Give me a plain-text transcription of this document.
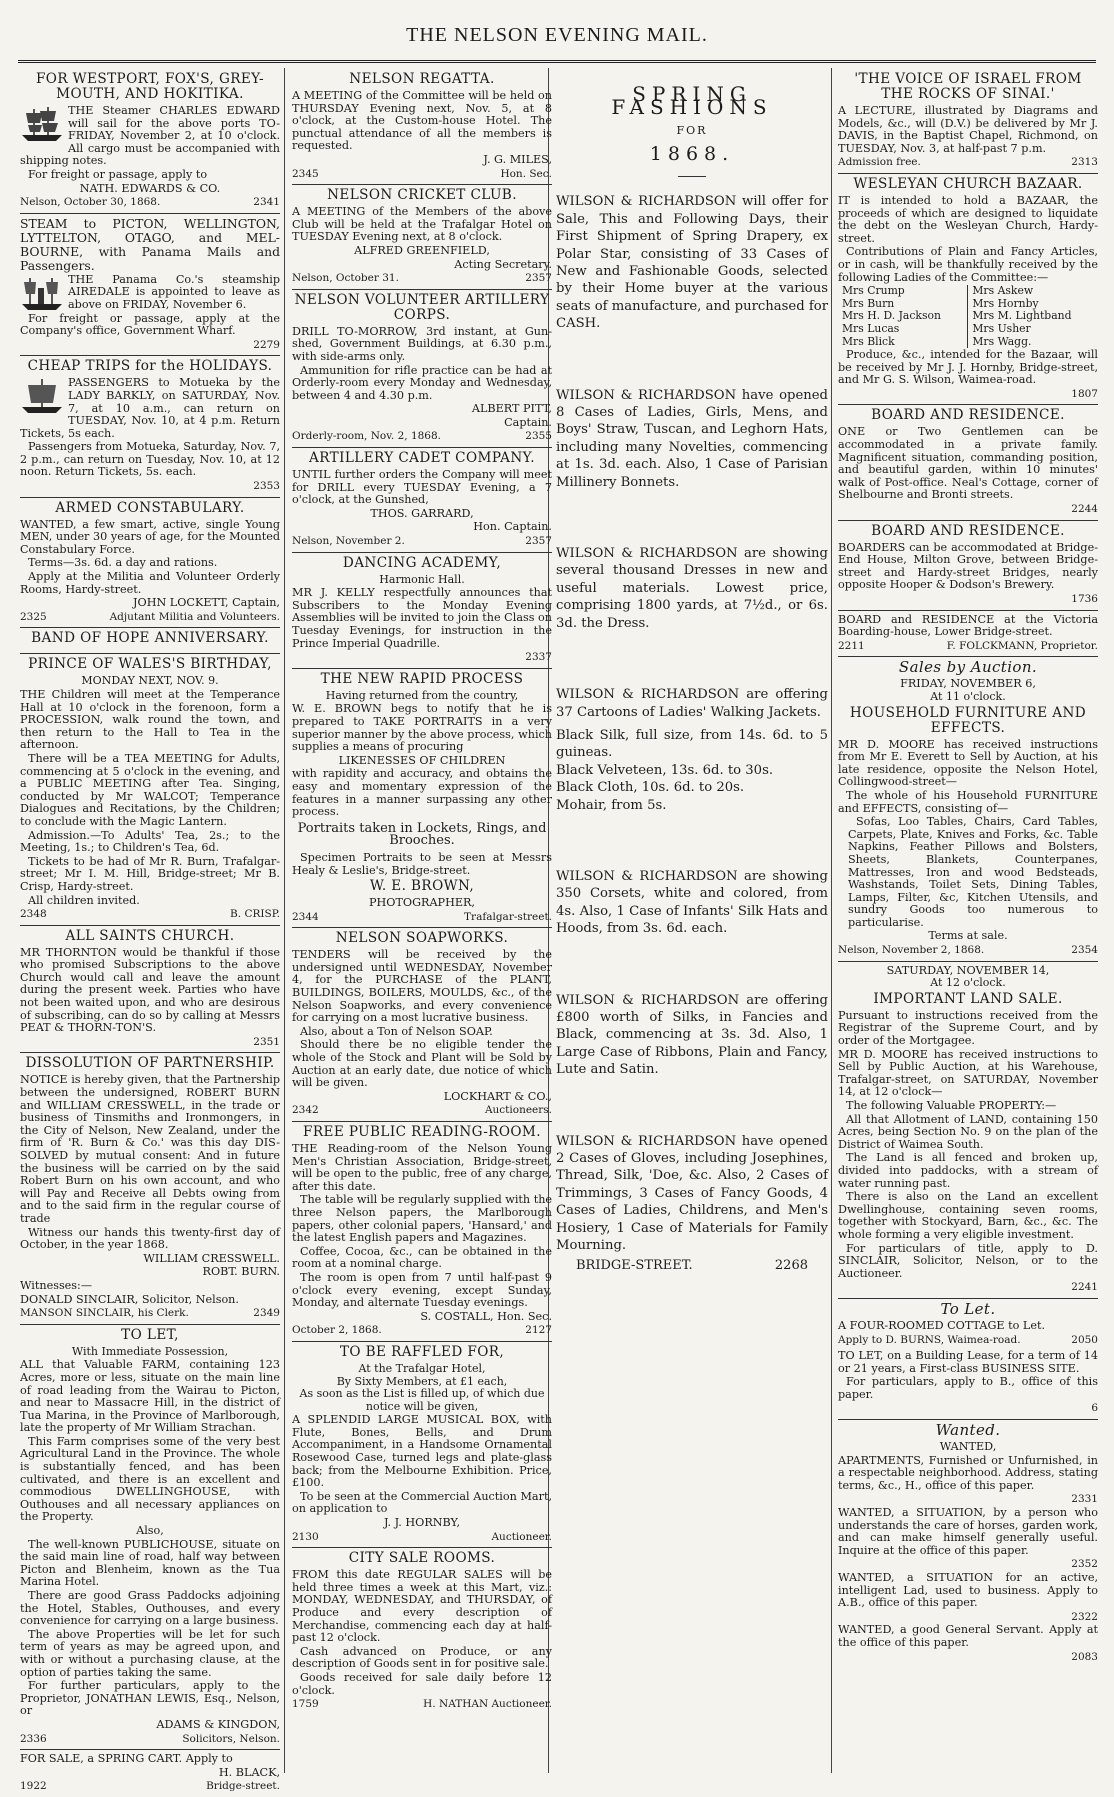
THE NELSON EVENING MAIL.
FOR WESTPORT, FOX'S, GREY-MOUTH, AND HOKITIKA.
THE Steamer CHARLES EDWARD will sail for the above ports TO-FRIDAY, November 2, at 10 o'clock. All cargo must be accompanied with shipping notes.
For freight or passage, apply to
NATH. EDWARDS & CO.
Nelson, October 30, 1868.	2341
STEAM to PICTON, WELLINGTON, LYTTELTON, OTAGO, and MEL-BOURNE, with Panama Mails and Passengers.
THE Panama Co.'s steamship AIREDALE is appointed to leave as above on FRIDAY, November 6.
For freight or passage, apply at the Company's office, Government Wharf.
2279
CHEAP TRIPS for the HOLIDAYS.
PASSENGERS to Motueka by the LADY BARKLY, on SATURDAY, Nov. 7, at 10 a.m., can return on TUESDAY, Nov. 10, at 4 p.m. Return Tickets, 5s each.
Passengers from Motueka, Saturday, Nov. 7, 2 p.m., can return on Tuesday, Nov. 10, at 12 noon. Return Tickets, 5s. each.
2353
ARMED CONSTABULARY.
WANTED, a few smart, active, single Young MEN, under 30 years of age, for the Mounted Constabulary Force.
Terms—3s. 6d. a day and rations.
Apply at the Militia and Volunteer Orderly Rooms, Hardy-street.
JOHN LOCKETT, Captain,
2325	Adjutant Militia and Volunteers.
BAND OF HOPE ANNIVERSARY.
PRINCE OF WALES'S BIRTHDAY,
MONDAY NEXT, NOV. 9.
THE Children will meet at the Temperance Hall at 10 o'clock in the forenoon, form a PROCESSION, walk round the town, and then return to the Hall to Tea in the afternoon.
There will be a TEA MEETING for Adults, commencing at 5 o'clock in the evening, and a PUBLIC MEETING after Tea. Singing, conducted by Mr WALCOT; Temperance Dialogues and Recitations, by the Children; to conclude with the Magic Lantern.
Admission.—To Adults' Tea, 2s.; to the Meeting, 1s.; to Children's Tea, 6d.
Tickets to be had of Mr R. Burn, Trafalgar-street; Mr I. M. Hill, Bridge-street; Mr B. Crisp, Hardy-street.
All children invited.
2348	B. CRISP.
ALL SAINTS CHURCH.
MR THORNTON would be thankful if those who promised Subscriptions to the above Church would call and leave the amount during the present week. Parties who have not been waited upon, and who are desirous of subscribing, can do so by calling at Messrs PEAT & THORN-TON'S.
2351
DISSOLUTION OF PARTNERSHIP.
NOTICE is hereby given, that the Partnership between the undersigned, ROBERT BURN and WILLIAM CRESSWELL, in the trade or business of Tinsmiths and Ironmongers, in the City of Nelson, New Zealand, under the firm of 'R. Burn & Co.' was this day DIS-SOLVED by mutual consent: And in future the business will be carried on by the said Robert Burn on his own account, and who will Pay and Receive all Debts owing from and to the said firm in the regular course of trade
Witness our hands this twenty-first day of October, in the year 1868.
WILLIAM CRESSWELL.
ROBT. BURN.
Witnesses:—
DONALD SINCLAIR, Solicitor, Nelson.
MANSON SINCLAIR, his Clerk.	2349
TO LET,
With Immediate Possession,
ALL that Valuable FARM, containing 123 Acres, more or less, situate on the main line of road leading from the Wairau to Picton, and near to Massacre Hill, in the district of Tua Marina, in the Province of Marlborough, late the property of Mr William Strachan.
This Farm comprises some of the very best Agricultural Land in the Province. The whole is substantially fenced, and has been cultivated, and there is an excellent and commodious DWELLINGHOUSE, with Outhouses and all necessary appliances on the Property.
Also,
The well-known PUBLICHOUSE, situate on the said main line of road, half way between Picton and Blenheim, known as the Tua Marina Hotel.
There are good Grass Paddocks adjoining the Hotel, Stables, Outhouses, and every convenience for carrying on a large business.
The above Properties will be let for such term of years as may be agreed upon, and with or without a purchasing clause, at the option of parties taking the same.
For further particulars, apply to the Proprietor, JONATHAN LEWIS, Esq., Nelson, or
ADAMS & KINGDON,
2336	Solicitors, Nelson.
FOR SALE, a SPRING CART. Apply to
H. BLACK,
1922	Bridge-street.
NELSON REGATTA.
A MEETING of the Committee will be held on THURSDAY Evening next, Nov. 5, at 8 o'clock, at the Custom-house Hotel. The punctual attendance of all the members is requested.
J. G. MILES,
2345	Hon. Sec.
NELSON CRICKET CLUB.
A MEETING of the Members of the above Club will be held at the Trafalgar Hotel on TUESDAY Evening next, at 8 o'clock.
ALFRED GREENFIELD,
Acting Secretary.
Nelson, October 31.	2357
NELSON VOLUNTEER ARTILLERY CORPS.
DRILL TO-MORROW, 3rd instant, at Gun-shed, Government Buildings, at 6.30 p.m., with side-arms only.
Ammunition for rifle practice can be had at Orderly-room every Monday and Wednesday, between 4 and 4.30 p.m.
ALBERT PITT,
Captain.
Orderly-room, Nov. 2, 1868.	2355
ARTILLERY CADET COMPANY.
UNTIL further orders the Company will meet for DRILL every TUESDAY Evening, a 7 o'clock, at the Gunshed,
THOS. GARRARD,
Hon. Captain.
Nelson, November 2.	2357
DANCING ACADEMY,
Harmonic Hall.
MR J. KELLY respectfully announces that Subscribers to the Monday Evening Assemblies will be invited to join the Class on Tuesday Evenings, for instruction in the Prince Imperial Quadrille.
2337
THE NEW RAPID PROCESS
Having returned from the country,
W. E. BROWN begs to notify that he is prepared to TAKE PORTRAITS in a very superior manner by the above process, which supplies a means of procuring
LIKENESSES OF CHILDREN
with rapidity and accuracy, and obtains the easy and momentary expression of the features in a manner surpassing any other process.
Portraits taken in Lockets, Rings, and Brooches.
Specimen Portraits to be seen at Messrs Healy & Leslie's, Bridge-street.
W. E. BROWN,
PHOTOGRAPHER,
2344	Trafalgar-street.
NELSON SOAPWORKS.
TENDERS will be received by the undersigned until WEDNESDAY, November 4, for the PURCHASE of the PLANT, BUILDINGS, BOILERS, MOULDS, &c., of the Nelson Soapworks, and every convenience for carrying on a most lucrative business.
Also, about a Ton of Nelson SOAP.
Should there be no eligible tender the whole of the Stock and Plant will be Sold by Auction at an early date, due notice of which will be given.
LOCKHART & CO.,
2342	Auctioneers.
FREE PUBLIC READING-ROOM.
THE Reading-room of the Nelson Young Men's Christian Association, Bridge-street, will be open to the public, free of any charge, after this date.
The table will be regularly supplied with the three Nelson papers, the Marlborough papers, other colonial papers, 'Hansard,' and the latest English papers and Magazines.
Coffee, Cocoa, &c., can be obtained in the room at a nominal charge.
The room is open from 7 until half-past 9 o'clock every evening, except Sunday, Monday, and alternate Tuesday evenings.
S. COSTALL, Hon. Sec.
October 2, 1868.	2127
TO BE RAFFLED FOR,
At the Trafalgar Hotel,
By Sixty Members, at £1 each,
As soon as the List is filled up, of which due notice will be given,
A SPLENDID LARGE MUSICAL BOX, with Flute, Bones, Bells, and Drum Accompaniment, in a Handsome Ornamental Rosewood Case, turned legs and plate-glass back; from the Melbourne Exhibition. Price, £100.
To be seen at the Commercial Auction Mart, on application to
J. J. HORNBY,
2130	Auctioneer.
CITY SALE ROOMS.
FROM this date REGULAR SALES will be held three times a week at this Mart, viz.: MONDAY, WEDNESDAY, and THURSDAY, of Produce and every description of Merchandise, commencing each day at half-past 12 o'clock.
Cash advanced on Produce, or any description of Goods sent in for positive sale.
Goods received for sale daily before 12 o'clock.
1759	H. NATHAN Auctioneer.
SPRING FASHIONS
FOR
1868.
WILSON & RICHARDSON will offer for Sale, This and Following Days, their First Shipment of Spring Drapery, ex Polar Star, consisting of 33 Cases of New and Fashionable Goods, selected by their Home buyer at the various seats of manufacture, and purchased for CASH.
WILSON & RICHARDSON have opened 8 Cases of Ladies, Girls, Mens, and Boys' Straw, Tuscan, and Leghorn Hats, including many Novelties, commencing at 1s. 3d. each. Also, 1 Case of Parisian Millinery Bonnets.
WILSON & RICHARDSON are showing several thousand Dresses in new and useful materials. Lowest price, comprising 1800 yards, at 7½d., or 6s. 3d. the Dress.
WILSON & RICHARDSON are offering 37 Cartoons of Ladies' Walking Jackets.
Black Silk, full size, from 14s. 6d. to 5 guineas.
Black Velveteen, 13s. 6d. to 30s.
Black Cloth, 10s. 6d. to 20s.
Mohair, from 5s.
WILSON & RICHARDSON are showing 350 Corsets, white and colored, from 4s. Also, 1 Case of Infants' Silk Hats and Hoods, from 3s. 6d. each.
WILSON & RICHARDSON are offering £800 worth of Silks, in Fancies and Black, commencing at 3s. 3d. Also, 1 Large Case of Ribbons, Plain and Fancy, Lute and Satin.
WILSON & RICHARDSON have opened 2 Cases of Gloves, including Josephines, Thread, Silk, 'Doe, &c. Also, 2 Cases of Trimmings, 3 Cases of Fancy Goods, 4 Cases of Ladies, Childrens, and Men's Hosiery, 1 Case of Materials for Family Mourning.
BRIDGE-STREET.	2268
'THE VOICE OF ISRAEL FROM THE ROCKS OF SINAI.'
A LECTURE, illustrated by Diagrams and Models, &c., will (D.V.) be delivered by Mr J. DAVIS, in the Baptist Chapel, Richmond, on TUESDAY, Nov. 3, at half-past 7 p.m.
Admission free.	2313
WESLEYAN CHURCH BAZAAR.
IT is intended to hold a BAZAAR, the proceeds of which are designed to liquidate the debt on the Wesleyan Church, Hardy-street.
Contributions of Plain and Fancy Articles, or in cash, will be thankfully received by the following Ladies of the Committee:—
Mrs Crump	Mrs Askew
Mrs Burn	Mrs Hornby
Mrs H. D. Jackson	Mrs M. Lightband
Mrs Lucas	Mrs Usher
Mrs Blick	Mrs Wagg.
Produce, &c., intended for the Bazaar, will be received by Mr J. J. Hornby, Bridge-street, and Mr G. S. Wilson, Waimea-road.
1807
BOARD AND RESIDENCE.
ONE or Two Gentlemen can be accommodated in a private family. Magnificent situation, commanding position, and beautiful garden, within 10 minutes' walk of Post-office. Neal's Cottage, corner of Shelbourne and Bronti streets.
2244
BOARD AND RESIDENCE.
BOARDERS can be accommodated at Bridge-End House, Milton Grove, between Bridge-street and Hardy-street Bridges, nearly opposite Hooper & Dodson's Brewery.
1736
BOARD and RESIDENCE at the Victoria Boarding-house, Lower Bridge-street.
2211	F. FOLCKMANN, Proprietor.
Sales by Auction.
FRIDAY, NOVEMBER 6,
At 11 o'clock.
HOUSEHOLD FURNITURE AND EFFECTS.
MR D. MOORE has received instructions from Mr E. Everett to Sell by Auction, at his late residence, opposite the Nelson Hotel, Collingwood-street—
The whole of his Household FURNITURE and EFFECTS, consisting of—
Sofas, Loo Tables, Chairs, Card Tables, Carpets, Plate, Knives and Forks, &c. Table Napkins, Feather Pillows and Bolsters, Sheets, Blankets, Counterpanes, Mattresses, Iron and wood Bedsteads, Washstands, Toilet Sets, Dining Tables, Lamps, Filter, &c, Kitchen Utensils, and sundry Goods too numerous to particularise.
Terms at sale.
Nelson, November 2, 1868.	2354
SATURDAY, NOVEMBER 14,
At 12 o'clock.
IMPORTANT LAND SALE.
Pursuant to instructions received from the Registrar of the Supreme Court, and by order of the Mortgagee.
MR D. MOORE has received instructions to Sell by Public Auction, at his Warehouse, Trafalgar-street, on SATURDAY, November 14, at 12 o'clock—
The following Valuable PROPERTY:—
All that Allotment of LAND, containing 150 Acres, being Section No. 9 on the plan of the District of Waimea South.
The Land is all fenced and broken up, divided into paddocks, with a stream of water running past.
There is also on the Land an excellent Dwellinghouse, containing seven rooms, together with Stockyard, Barn, &c., &c. The whole forming a very eligible investment.
For particulars of title, apply to D. SINCLAIR, Solicitor, Nelson, or to the Auctioneer.
2241
To Let.
A FOUR-ROOMED COTTAGE to Let.
Apply to D. BURNS, Waimea-road.	2050
TO LET, on a Building Lease, for a term of 14 or 21 years, a First-class BUSINESS SITE.
For particulars, apply to B., office of this paper.
6
Wanted.
WANTED,
APARTMENTS, Furnished or Unfurnished, in a respectable neighborhood. Address, stating terms, &c., H., office of this paper.
2331
WANTED, a SITUATION, by a person who understands the care of horses, garden work, and can make himself generally useful. Inquire at the office of this paper.
2352
WANTED, a SITUATION for an active, intelligent Lad, used to business. Apply to A.B., office of this paper.
2322
WANTED, a good General Servant. Apply at the office of this paper.
2083
